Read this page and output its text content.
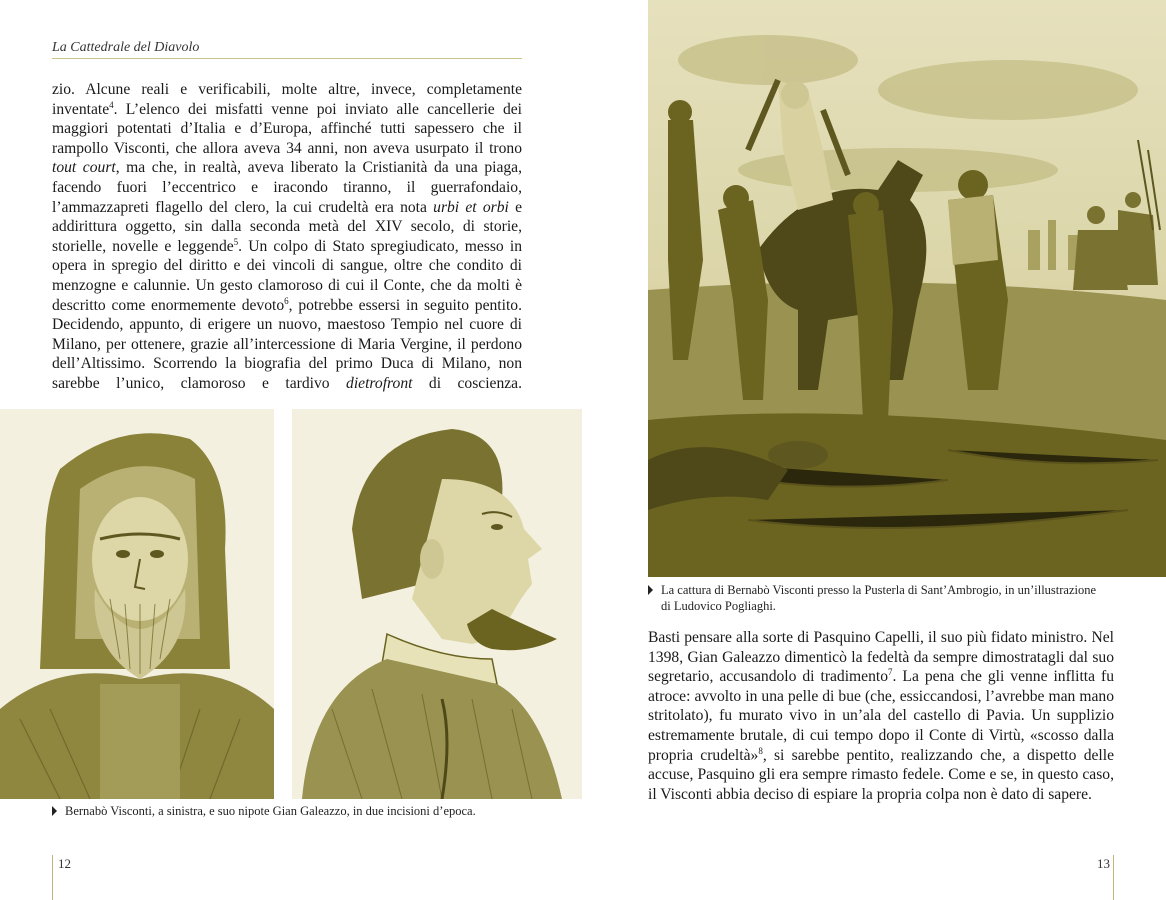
La Cattedrale del Diavolo

zio. Alcune reali e verificabili, molte altre, invece, completamente inventate$^4$. L’elenco dei misfatti venne poi inviato alle cancellerie dei maggiori potentati d’Italia e d’Europa, affinché tutti sapessero che il rampollo Visconti, che allora aveva 34 anni, non aveva usurpato il trono tout court, ma che, in realtà, aveva liberato la Cristianità da una piaga, facendo fuori l’eccentrico e iracondo tiranno, il guerrafondaio, l’ammazzapreti flagello del clero, la cui crudeltà era nota urbi et orbi e addirittura oggetto, sin dalla seconda metà del XIV secolo, di storie, storielle, novelle e leggende$^5$. Un colpo di Stato spregiudicato, messo in opera in spregio del diritto e dei vincoli di sangue, oltre che condito di menzogne e calunnie. Un gesto clamoroso di cui il Conte, che da molti è descritto come enormemente devoto$^6$, potrebbe essersi in seguito pentito. Decidendo, appunto, di erigere un nuovo, maestoso Tempio nel cuore di Milano, per ottenere, grazie all’intercessione di Maria Vergine, il perdono dell’Altissimo. Scorrendo la biografia del primo Duca di Milano, non sarebbe l’unico, clamoroso e tardivo dietrofront di coscienza.

Bernabò Visconti, a sinistra, e suo nipote Gian Galeazzo, in due incisioni d’epoca.
La cattura di Bernabò Visconti presso la Pusterla di Sant’Ambrogio, in un’illustrazione
di Ludovico Pogliaghi.
Basti pensare alla sorte di Pasquino Capelli, il suo più fidato ministro. Nel 1398, Gian Galeazzo dimenticò la fedeltà da sempre dimostratagli dal suo segretario, accusandolo di tradimento$^7$. La pena che gli venne inflitta fu atroce: avvolto in una pelle di bue (che, essiccandosi, l’avrebbe man mano stritolato), fu murato vivo in un’ala del castello di Pavia. Un supplizio estremamente brutale, di cui tempo dopo il Conte di Virtù, «scosso dalla propria crudeltà»$^8$, si sarebbe pentito, realizzando che, a dispetto delle accuse, Pasquino gli era sempre rimasto fedele. Come e se, in questo caso, il Visconti abbia deciso di espiare la propria colpa non è dato di sapere.
12	13
